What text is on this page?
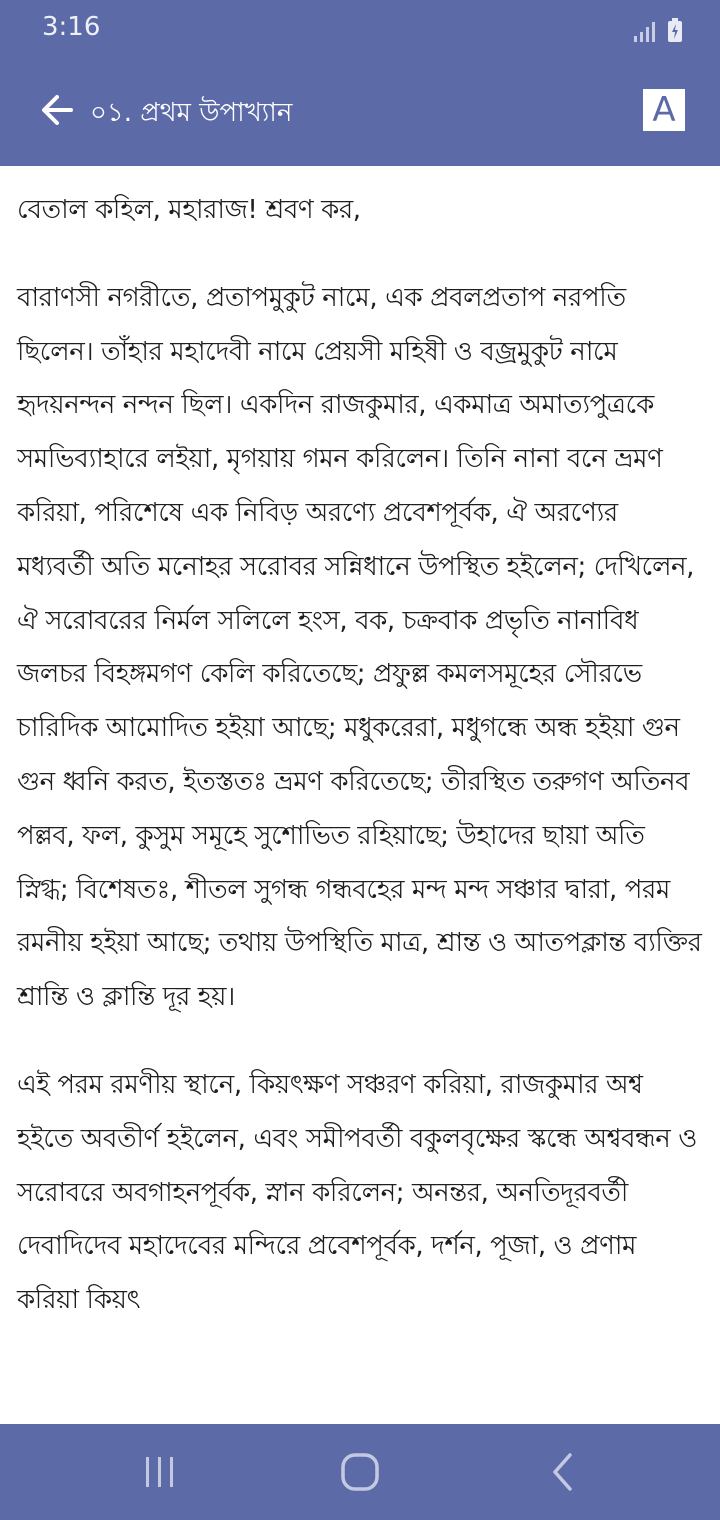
3:16
০১. প্রথম উপাখ্যান	A

বেতাল কহিল, মহারাজ! শ্রবণ কর,

বারাণসী নগরীতে, প্রতাপমুকুট নামে, এক প্রবলপ্রতাপ নরপতি ছিলেন। তাঁহার মহাদেবী নামে প্রেয়সী মহিষী ও বজ্রমুকুট নামে হৃদয়নন্দন নন্দন ছিল। একদিন রাজকুমার, একমাত্র অমাত্যপুত্রকে সমভিব্যাহারে লইয়া, মৃগয়ায় গমন করিলেন। তিনি নানা বনে ভ্রমণ করিয়া, পরিশেষে এক নিবিড় অরণ্যে প্রবেশপূর্বক, ঐ অরণ্যের মধ্যবর্তী অতি মনোহর সরোবর সন্নিধানে উপস্থিত হইলেন; দেখিলেন, ঐ সরোবরের নির্মল সলিলে হংস, বক, চক্রবাক প্রভৃতি নানাবিধ জলচর বিহঙ্গমগণ কেলি করিতেছে; প্রফুল্ল কমলসমূহের সৌরভে চারিদিক আমোদিত হইয়া আছে; মধুকরেরা, মধুগন্ধে অন্ধ হইয়া গুন গুন ধ্বনি করত, ইতস্ততঃ ভ্রমণ করিতেছে; তীরস্থিত তরুগণ অতিনব পল্লব, ফল, কুসুম সমূহে সুশোভিত রহিয়াছে; উহাদের ছায়া অতি স্নিগ্ধ; বিশেষতঃ, শীতল সুগন্ধ গন্ধবহের মন্দ মন্দ সঞ্চার দ্বারা, পরম রমনীয় হইয়া আছে; তথায় উপস্থিতি মাত্র, শ্রান্ত ও আতপক্লান্ত ব্যক্তির শ্রান্তি ও ক্লান্তি দূর হয়।

এই পরম রমণীয় স্থানে, কিয়ৎক্ষণ সঞ্চরণ করিয়া, রাজকুমার অশ্ব হইতে অবতীর্ণ হইলেন, এবং সমীপবর্তী বকুলবৃক্ষের স্কন্ধে অশ্ববন্ধন ও সরোবরে অবগাহনপূর্বক, স্নান করিলেন; অনন্তর, অনতিদূরবর্তী দেবাদিদেব মহাদেবের মন্দিরে প্রবেশপূর্বক, দর্শন, পূজা, ও প্রণাম করিয়া কিয়ৎ
